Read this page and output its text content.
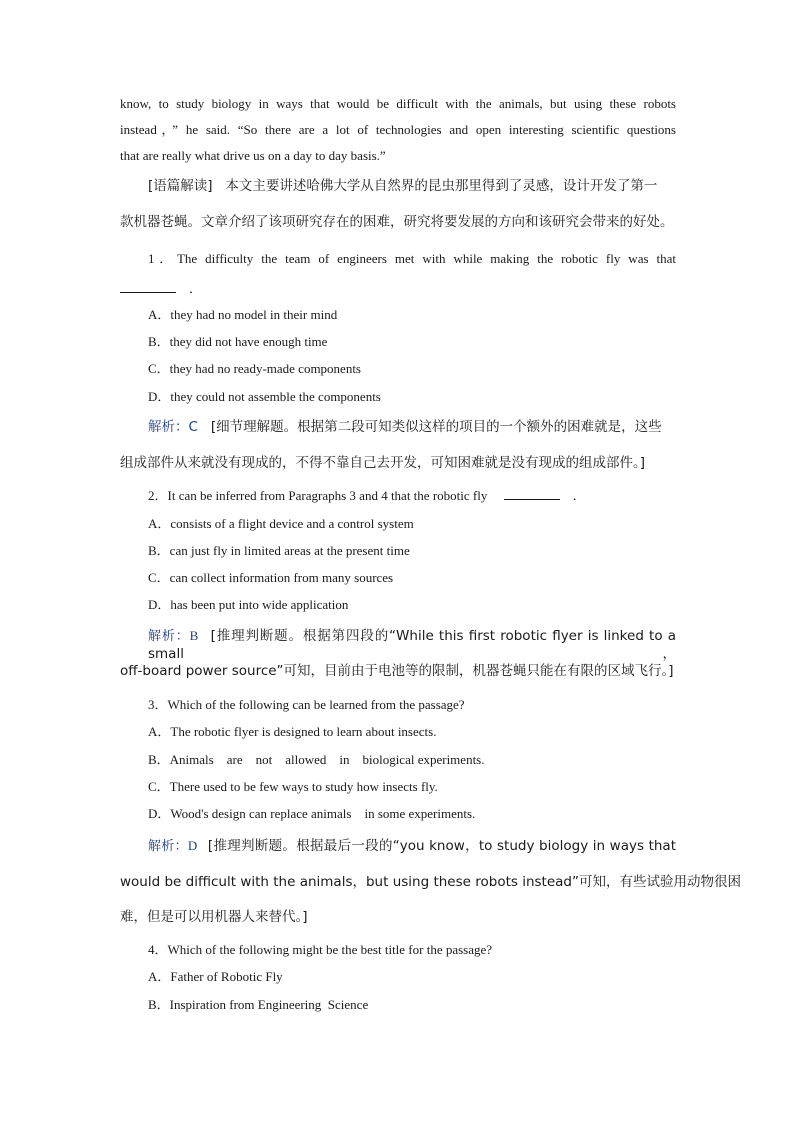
know, to study biology in ways that would be difficult with the animals, but using these robots
instead，” he said. “So there are a lot of technologies and open interesting scientific questions
that are really what drive us on a day to day basis.”
[语篇解读] 本文主要讲述哈佛大学从自然界的昆虫那里得到了灵感，设计开发了第一
款机器苍蝇。文章介绍了该项研究存在的困难，研究将要发展的方向和该研究会带来的好处。
1．The difficulty the team of engineers met with while making the robotic fly was that
．
A．they had no model in their mind
B．they did not have enough time
C．they had no ready-made components
D．they could not assemble the components
解析：C [细节理解题。根据第二段可知类似这样的项目的一个额外的困难就是，这些
组成部件从来就没有现成的，不得不靠自己去开发，可知困难就是没有现成的组成部件。]
2．It can be inferred from Paragraphs 3 and 4 that the robotic fly	．
A．consists of a flight device and a control system
B．can just fly in limited areas at the present time
C．can collect information from many sources
D．has been put into wide application
解析：B [推理判断题。根据第四段的“While this first robotic flyer is linked to a small，
off-board power source”可知，目前由于电池等的限制，机器苍蝇只能在有限的区域飞行。]
3．Which of the following can be learned from the passage?
A．The robotic flyer is designed to learn about insects.
B．Animals    are    not    allowed    in    biological experiments.
C．There used to be few ways to study how insects fly.
D．Wood's design can replace animals    in some experiments.
解析：D [推理判断题。根据最后一段的“you know，to study biology in ways that
would be difficult with the animals，but using these robots instead”可知，有些试验用动物很困
难，但是可以用机器人来替代。]
4．Which of the following might be the best title for the passage?
A．Father of Robotic Fly
B．Inspiration from Engineering  Science
